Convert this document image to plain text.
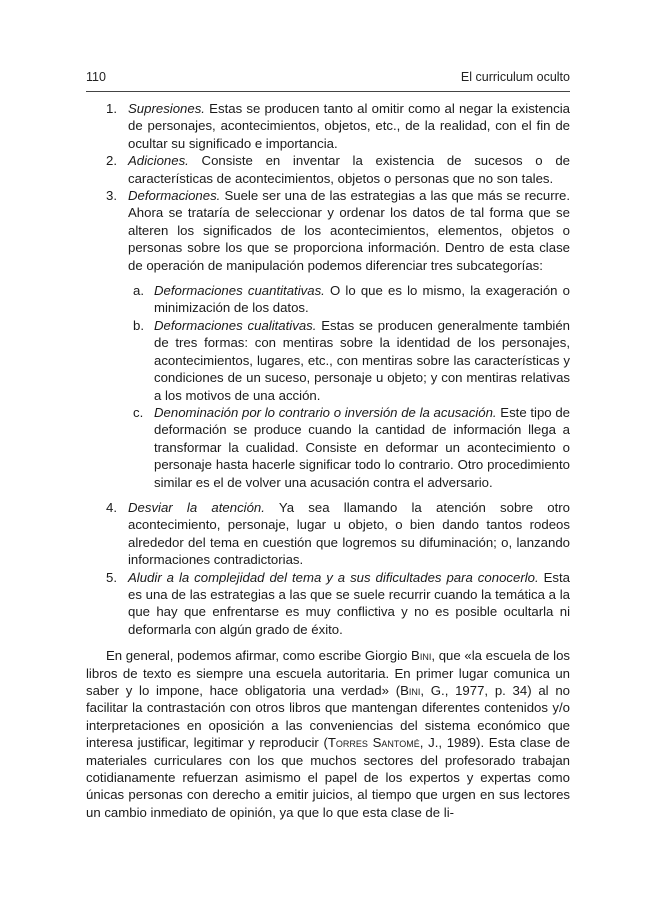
110	El curriculum oculto

1. Supresiones. Estas se producen tanto al omitir como al negar la existencia de personajes, acontecimientos, objetos, etc., de la realidad, con el fin de ocultar su significado e importancia.

2. Adiciones. Consiste en inventar la existencia de sucesos o de características de acontecimientos, objetos o personas que no son tales.

3. Deformaciones. Suele ser una de las estrategias a las que más se recurre. Ahora se trataría de seleccionar y ordenar los datos de tal forma que se alteren los significados de los acontecimientos, elementos, objetos o personas sobre los que se proporciona información. Dentro de esta clase de operación de manipulación podemos diferenciar tres subcategorías:

a. Deformaciones cuantitativas. O lo que es lo mismo, la exageración o minimización de los datos.

b. Deformaciones cualitativas. Estas se producen generalmente también de tres formas: con mentiras sobre la identidad de los personajes, acontecimientos, lugares, etc., con mentiras sobre las características y condiciones de un suceso, personaje u objeto; y con mentiras relativas a los motivos de una acción.

c. Denominación por lo contrario o inversión de la acusación. Este tipo de deformación se produce cuando la cantidad de información llega a transformar la cualidad. Consiste en deformar un acontecimiento o personaje hasta hacerle significar todo lo contrario. Otro procedimiento similar es el de volver una acusación contra el adversario.

4. Desviar la atención. Ya sea llamando la atención sobre otro acontecimiento, personaje, lugar u objeto, o bien dando tantos rodeos alrededor del tema en cuestión que logremos su difuminación; o, lanzando informaciones contradictorias.

5. Aludir a la complejidad del tema y a sus dificultades para conocerlo. Esta es una de las estrategias a las que se suele recurrir cuando la temática a la que hay que enfrentarse es muy conflictiva y no es posible ocultarla ni deformarla con algún grado de éxito.

En general, podemos afirmar, como escribe Giorgio Bini, que «la escuela de los libros de texto es siempre una escuela autoritaria. En primer lugar comunica un saber y lo impone, hace obligatoria una verdad» (Bini, G., 1977, p. 34) al no facilitar la contrastación con otros libros que mantengan diferentes contenidos y/o interpretaciones en oposición a las conveniencias del sistema económico que interesa justificar, legitimar y reproducir (Torres Santomé, J., 1989). Esta clase de materiales curriculares con los que muchos sectores del profesorado trabajan cotidianamente refuerzan asimismo el papel de los expertos y expertas como únicas personas con derecho a emitir juicios, al tiempo que urgen en sus lectores un cambio inmediato de opinión, ya que lo que esta clase de li-
